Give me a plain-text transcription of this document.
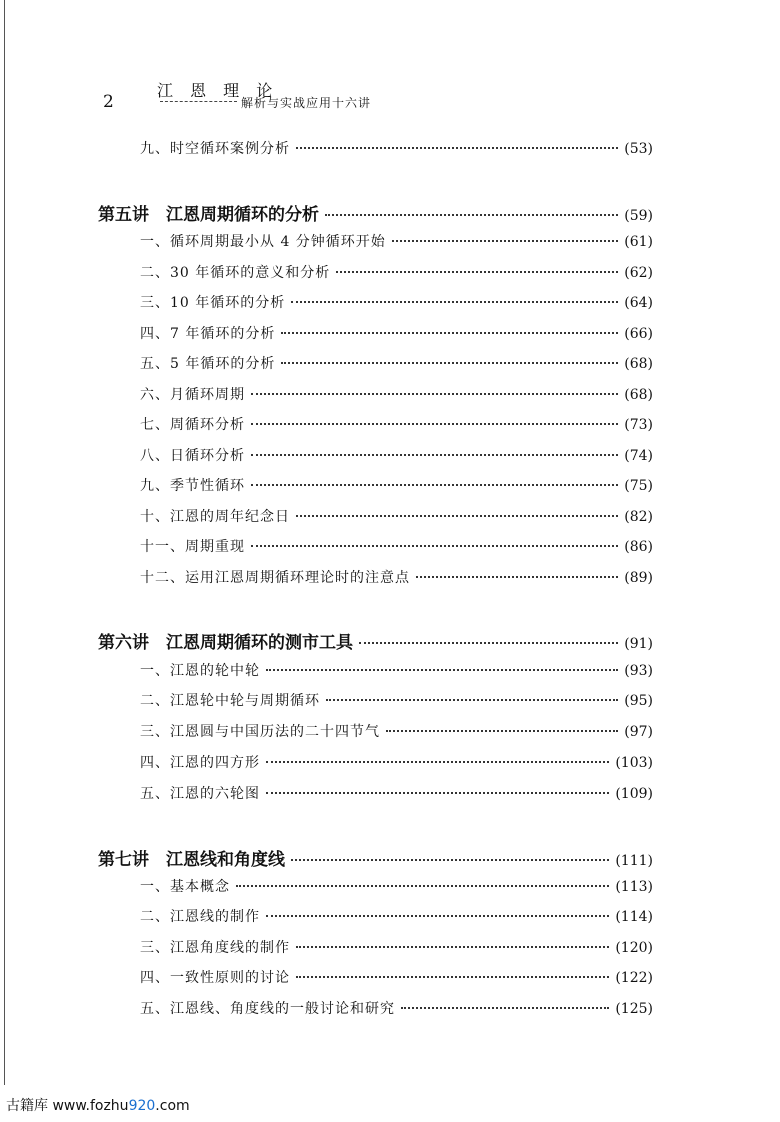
2
江 恩 理 论
解析与实战应用十六讲
九、时空循环案例分析	(53)
第五讲　江恩周期循环的分析	(59)
一、循环周期最小从 4 分钟循环开始	(61)
二、30 年循环的意义和分析	(62)
三、10 年循环的分析	(64)
四、7 年循环的分析	(66)
五、5 年循环的分析	(68)
六、月循环周期	(68)
七、周循环分析	(73)
八、日循环分析	(74)
九、季节性循环	(75)
十、江恩的周年纪念日	(82)
十一、周期重现	(86)
十二、运用江恩周期循环理论时的注意点	(89)
第六讲　江恩周期循环的测市工具	(91)
一、江恩的轮中轮	(93)
二、江恩轮中轮与周期循环	(95)
三、江恩圆与中国历法的二十四节气	(97)
四、江恩的四方形	(103)
五、江恩的六轮图	(109)
第七讲　江恩线和角度线	(111)
一、基本概念	(113)
二、江恩线的制作	(114)
三、江恩角度线的制作	(120)
四、一致性原则的讨论	(122)
五、江恩线、角度线的一般讨论和研究	(125)
古籍库 www.fozhu920.com
